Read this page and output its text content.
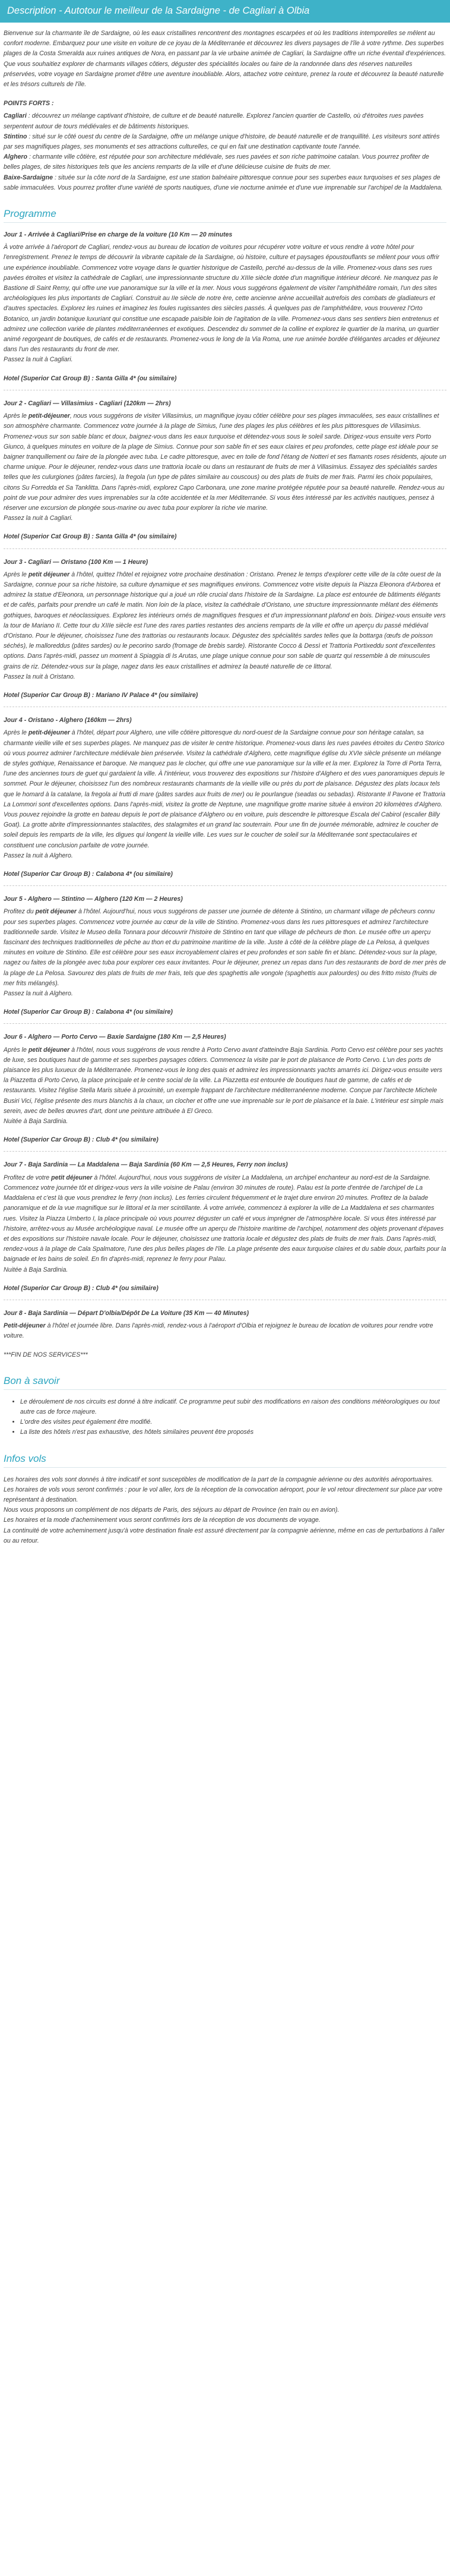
Description - Autotour le meilleur de la Sardaigne - de Cagliari à Olbia

Bienvenue sur la charmante île de Sardaigne, où les eaux cristallines rencontrent des montagnes escarpées et où les traditions intemporelles se mêlent au confort moderne. Embarquez pour une visite en voiture de ce joyau de la Méditerranée et découvrez les divers paysages de l'île à votre rythme. Des superbes plages de la Costa Smeralda aux ruines antiques de Nora, en passant par la vie urbaine animée de Cagliari, la Sardaigne offre un riche éventail d'expériences. Que vous souhaitiez explorer de charmants villages côtiers, déguster des spécialités locales ou faire de la randonnée dans des réserves naturelles préservées, votre voyage en Sardaigne promet d'être une aventure inoubliable. Alors, attachez votre ceinture, prenez la route et découvrez la beauté naturelle et les trésors culturels de l'île.

POINTS FORTS :

Cagliari : découvrez un mélange captivant d'histoire, de culture et de beauté naturelle. Explorez l'ancien quartier de Castello, où d'étroites rues pavées serpentent autour de tours médiévales et de bâtiments historiques.
Stintino : situé sur le côté ouest du centre de la Sardaigne, offre un mélange unique d'histoire, de beauté naturelle et de tranquillité. Les visiteurs sont attirés par ses magnifiques plages, ses monuments et ses attractions culturelles, ce qui en fait une destination captivante toute l'année.
Alghero : charmante ville côtière, est réputée pour son architecture médiévale, ses rues pavées et son riche patrimoine catalan. Vous pourrez profiter de belles plages, de sites historiques tels que les anciens remparts de la ville et d'une délicieuse cuisine de fruits de mer.
Baixe-Sardaigne : située sur la côte nord de la Sardaigne, est une station balnéaire pittoresque connue pour ses superbes eaux turquoises et ses plages de sable immaculées. Vous pourrez profiter d'une variété de sports nautiques, d'une vie nocturne animée et d'une vue imprenable sur l'archipel de la Maddalena.
Programme
Jour 1 - Arrivée à Cagliari/Prise en charge de la voiture (10 Km — 20 minutes
À votre arrivée à l'aéroport de Cagliari, rendez-vous au bureau de location de voitures pour récupérer votre voiture et vous rendre à votre hôtel pour l'enregistrement. Prenez le temps de découvrir la vibrante capitale de la Sardaigne, où histoire, culture et paysages époustouflants se mêlent pour vous offrir une expérience inoubliable. Commencez votre voyage dans le quartier historique de Castello, perché au-dessus de la ville. Promenez-vous dans ses rues pavées étroites et visitez la cathédrale de Cagliari, une impressionnante structure du XIIIe siècle dotée d'un magnifique intérieur décoré. Ne manquez pas le Bastione di Saint Remy, qui offre une vue panoramique sur la ville et la mer. Nous vous suggérons également de visiter l'amphithéâtre romain, l'un des sites archéologiques les plus importants de Cagliari. Construit au IIe siècle de notre ère, cette ancienne arène accueillait autrefois des combats de gladiateurs et d'autres spectacles. Explorez les ruines et imaginez les foules rugissantes des siècles passés. À quelques pas de l'amphithéâtre, vous trouverez l'Orto Botanico, un jardin botanique luxuriant qui constitue une escapade paisible loin de l'agitation de la ville. Promenez-vous dans ses sentiers bien entretenus et admirez une collection variée de plantes méditerranéennes et exotiques. Descendez du sommet de la colline et explorez le quartier de la marina, un quartier animé regorgeant de boutiques, de cafés et de restaurants. Promenez-vous le long de la Via Roma, une rue animée bordée d'élégantes arcades et déjeunez dans l'un des restaurants du front de mer.
Passez la nuit à Cagliari.
Hotel (Superior Cat Group B) : Santa Gilla 4* (ou similaire)
Jour 2 - Cagliari — Villasimius - Cagliari (120km — 2hrs)
Après le petit-déjeuner, nous vous suggérons de visiter Villasimius, un magnifique joyau côtier célèbre pour ses plages immaculées, ses eaux cristallines et son atmosphère charmante. Commencez votre journée à la plage de Simius, l'une des plages les plus célèbres et les plus pittoresques de Villasimius. Promenez-vous sur son sable blanc et doux, baignez-vous dans les eaux turquoise et détendez-vous sous le soleil sarde. Dirigez-vous ensuite vers Porto Giunco, à quelques minutes en voiture de la plage de Simius. Connue pour son sable fin et ses eaux claires et peu profondes, cette plage est idéale pour se baigner tranquillement ou faire de la plongée avec tuba. Le cadre pittoresque, avec en toile de fond l'étang de Notteri et ses flamants roses résidents, ajoute un charme unique. Pour le déjeuner, rendez-vous dans une trattoria locale ou dans un restaurant de fruits de mer à Villasimius. Essayez des spécialités sardes telles que les culurgiones (pâtes farcies), la fregola (un type de pâtes similaire au couscous) ou des plats de fruits de mer frais. Parmi les choix populaires, citons Su Forredda et Sa Tanklitta. Dans l'après-midi, explorez Capo Carbonara, une zone marine protégée réputée pour sa beauté naturelle. Rendez-vous au point de vue pour admirer des vues imprenables sur la côte accidentée et la mer Méditerranée. Si vous êtes intéressé par les activités nautiques, pensez à réserver une excursion de plongée sous-marine ou avec tuba pour explorer la riche vie marine.
Passez la nuit à Cagliari.
Hotel (Superior Cat Group B) : Santa Gilla 4* (ou similaire)
Jour 3 - Cagliari — Oristano (100 Km — 1 Heure)
Après le petit déjeuner à l'hôtel, quittez l'hôtel et rejoignez votre prochaine destination : Oristano. Prenez le temps d'explorer cette ville de la côte ouest de la Sardaigne, connue pour sa riche histoire, sa culture dynamique et ses magnifiques environs. Commencez votre visite depuis la Piazza Eleonora d'Arborea et admirez la statue d'Eleonora, un personnage historique qui a joué un rôle crucial dans l'histoire de la Sardaigne. La place est entourée de bâtiments élégants et de cafés, parfaits pour prendre un café le matin. Non loin de la place, visitez la cathédrale d'Oristano, une structure impressionnante mêlant des éléments gothiques, baroques et néoclassiques. Explorez les intérieurs ornés de magnifiques fresques et d'un impressionnant plafond en bois. Dirigez-vous ensuite vers la tour de Mariano II. Cette tour du XIIIe siècle est l'une des rares parties restantes des anciens remparts de la ville et offre un aperçu du passé médiéval d'Oristano. Pour le déjeuner, choisissez l'une des trattorias ou restaurants locaux. Dégustez des spécialités sardes telles que la bottarga (œufs de poisson séchés), le malloreddus (pâtes sardes) ou le pecorino sardo (fromage de brebis sarde). Ristorante Cocco & Dessì et Trattoria Portixeddu sont d'excellentes options. Dans l'après-midi, passez un moment à Spiaggia di Is Arutas, une plage unique connue pour son sable de quartz qui ressemble à de minuscules grains de riz. Détendez-vous sur la plage, nagez dans les eaux cristallines et admirez la beauté naturelle de ce littoral.
Passez la nuit à Oristano.
Hotel (Superior Car Group B) : Mariano IV Palace 4* (ou similaire)
Jour 4 - Oristano - Alghero (160km — 2hrs)
Après le petit-déjeuner à l'hôtel, départ pour Alghero, une ville côtière pittoresque du nord-ouest de la Sardaigne connue pour son héritage catalan, sa charmante vieille ville et ses superbes plages. Ne manquez pas de visiter le centre historique. Promenez-vous dans les rues pavées étroites du Centro Storico où vous pourrez admirer l'architecture médiévale bien préservée. Visitez la cathédrale d'Alghero, cette magnifique église du XVIe siècle présente un mélange de styles gothique, Renaissance et baroque. Ne manquez pas le clocher, qui offre une vue panoramique sur la ville et la mer. Explorez la Torre di Porta Terra, l'une des anciennes tours de guet qui gardaient la ville. À l'intérieur, vous trouverez des expositions sur l'histoire d'Alghero et des vues panoramiques depuis le sommet. Pour le déjeuner, choisissez l'un des nombreux restaurants charmants de la vieille ville ou près du port de plaisance. Dégustez des plats locaux tels que le homard à la catalane, la fregola ai frutti di mare (pâtes sardes aux fruits de mer) ou le pourlangue (seadas ou sebadas). Ristorante Il Pavone et Trattoria La Lommori sont d'excellentes options. Dans l'après-midi, visitez la grotte de Neptune, une magnifique grotte marine située à environ 20 kilomètres d'Alghero. Vous pouvez rejoindre la grotte en bateau depuis le port de plaisance d'Alghero ou en voiture, puis descendre le pittoresque Escala del Cabirol (escalier Billy Goat). La grotte abrite d'impressionnantes stalactites, des stalagmites et un grand lac souterrain. Pour une fin de journée mémorable, admirez le coucher de soleil depuis les remparts de la ville, les digues qui longent la vieille ville. Les vues sur le coucher de soleil sur la Méditerranée sont spectaculaires et constituent une conclusion parfaite de votre journée.
Passez la nuit à Alghero.
Hotel (Superior Car Group B) : Calabona 4* (ou similaire)
Jour 5 - Alghero — Stintino — Alghero (120 Km — 2 Heures)
Profitez du petit déjeuner à l'hôtel. Aujourd'hui, nous vous suggérons de passer une journée de détente à Stintino, un charmant village de pêcheurs connu pour ses superbes plages. Commencez votre journée au cœur de la ville de Stintino. Promenez-vous dans les rues pittoresques et admirez l'architecture traditionnelle sarde. Visitez le Museo della Tonnara pour découvrir l'histoire de Stintino en tant que village de pêcheurs de thon. Le musée offre un aperçu fascinant des techniques traditionnelles de pêche au thon et du patrimoine maritime de la ville. Juste à côté de la célèbre plage de La Pelosa, à quelques minutes en voiture de Stintino. Elle est célèbre pour ses eaux incroyablement claires et peu profondes et son sable fin et blanc. Détendez-vous sur la plage, nagez ou faites de la plongée avec tuba pour explorer ces eaux invitantes. Pour le déjeuner, prenez un repas dans l'un des restaurants de bord de mer près de la plage de La Pelosa. Savourez des plats de fruits de mer frais, tels que des spaghettis alle vongole (spaghettis aux palourdes) ou des fritto misto (fruits de mer frits mélangés).
Passez la nuit à Alghero.
Hotel (Superior Car Group B) : Calabona 4* (ou similaire)
Jour 6 - Alghero — Porto Cervo — Baxie Sardaigne (180 Km — 2,5 Heures)
Après le petit déjeuner à l'hôtel, nous vous suggérons de vous rendre à Porto Cervo avant d'atteindre Baja Sardinia. Porto Cervo est célèbre pour ses yachts de luxe, ses boutiques haut de gamme et ses superbes paysages côtiers. Commencez la visite par le port de plaisance de Porto Cervo. L'un des ports de plaisance les plus luxueux de la Méditerranée. Promenez-vous le long des quais et admirez les impressionnants yachts amarrés ici. Dirigez-vous ensuite vers la Piazzetta di Porto Cervo, la place principale et le centre social de la ville. La Piazzetta est entourée de boutiques haut de gamme, de cafés et de restaurants. Visitez l'église Stella Maris située à proximité, un exemple frappant de l'architecture méditerranéenne moderne. Conçue par l'architecte Michele Busiri Vici, l'église présente des murs blanchis à la chaux, un clocher et offre une vue imprenable sur le port de plaisance et la baie. L'intérieur est simple mais serein, avec de belles œuvres d'art, dont une peinture attribuée à El Greco.
Nuitée à Baja Sardinia.
Hotel (Superior Car Group B) : Club 4* (ou similaire)
Jour 7 - Baja Sardinia — La Maddalena — Baja Sardinia (60 Km — 2,5 Heures, Ferry non inclus)
Profitez de votre petit déjeuner à l'hôtel. Aujourd'hui, nous vous suggérons de visiter La Maddalena, un archipel enchanteur au nord-est de la Sardaigne. Commencez votre journée tôt et dirigez-vous vers la ville voisine de Palau (environ 30 minutes de route). Palau est la porte d'entrée de l'archipel de La Maddalena et c'est là que vous prendrez le ferry (non inclus). Les ferries circulent fréquemment et le trajet dure environ 20 minutes. Profitez de la balade panoramique et de la vue magnifique sur le littoral et la mer scintillante. À votre arrivée, commencez à explorer la ville de La Maddalena et ses charmantes rues. Visitez la Piazza Umberto I, la place principale où vous pourrez déguster un café et vous imprégner de l'atmosphère locale. Si vous êtes intéressé par l'histoire, arrêtez-vous au Musée archéologique naval. Le musée offre un aperçu de l'histoire maritime de l'archipel, notamment des objets provenant d'épaves et des expositions sur l'histoire navale locale. Pour le déjeuner, choisissez une trattoria locale et dégustez des plats de fruits de mer frais. Dans l'après-midi, rendez-vous à la plage de Cala Spalmatore, l'une des plus belles plages de l'île. La plage présente des eaux turquoise claires et du sable doux, parfaits pour la baignade et les bains de soleil. En fin d'après-midi, reprenez le ferry pour Palau.
Nuitée à Baja Sardinia.
Hotel (Superior Car Group B) : Club 4* (ou similaire)
Jour 8 - Baja Sardinia — Départ D'olbia/Dépôt De La Voiture (35 Km — 40 Minutes)
Petit-déjeuner à l'hôtel et journée libre. Dans l'après-midi, rendez-vous à l'aéroport d'Olbia et rejoignez le bureau de location de voitures pour rendre votre voiture.
***FIN DE NOS SERVICES***
Bon à savoir
• Le déroulement de nos circuits est donné à titre indicatif. Ce programme peut subir des modifications en raison des conditions météorologiques ou tout autre cas de force majeure.
• L'ordre des visites peut également être modifié.
• La liste des hôtels n'est pas exhaustive, des hôtels similaires peuvent être proposés
Infos vols
Les horaires des vols sont donnés à titre indicatif et sont susceptibles de modification de la part de la compagnie aérienne ou des autorités aéroportuaires.
Les horaires de vols vous seront confirmés : pour le vol aller, lors de la réception de la convocation aéroport, pour le vol retour directement sur place par votre représentant à destination.
Nous vous proposons un complément de nos départs de Paris, des séjours au départ de Province (en train ou en avion).
Les horaires et la mode d'acheminement vous seront confirmés lors de la réception de vos documents de voyage.
La continuité de votre acheminement jusqu'à votre destination finale est assuré directement par la compagnie aérienne, même en cas de perturbations à l'aller ou au retour.
